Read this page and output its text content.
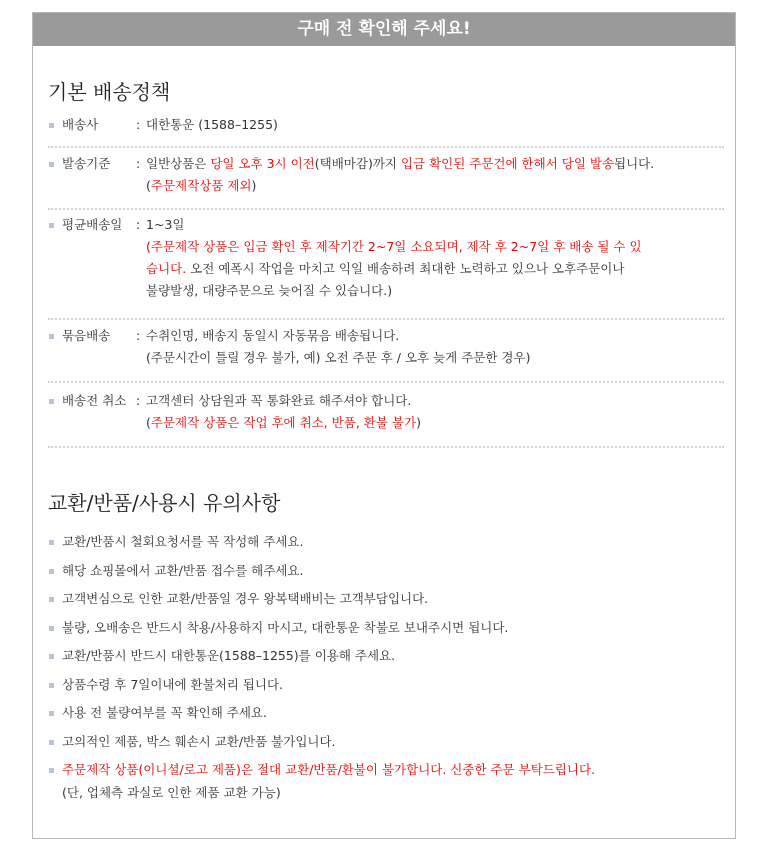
구매 전 확인해 주세요!
기본 배송정책
배송사	: 대한통운 (1588–1255)
발송기준 : 일반상품은 당일 오후 3시 이전(택배마감)까지 입금 확인된 주문건에 한해서 당일 발송됩니다.
(주문제작상품 제외)
평균배송일 : 1~3일
(주문제작 상품은 입금 확인 후 제작기간 2~7일 소요되며, 제작 후 2~7일 후 배송 될 수 있
습니다. 오전 예폭시 작업을 마치고 익일 배송하려 최대한 노력하고 있으나 오후주문이나
불량발생, 대량주문으로 늦어질 수 있습니다.)
묶음배송 : 수취인명, 배송지 동일시 자동묶음 배송됩니다.
(주문시간이 틀릴 경우 불가, 예) 오전 주문 후 / 오후 늦게 주문한 경우)
배송전 취소 : 고객센터 상담원과 꼭 통화완료 해주셔야 합니다.
(주문제작 상품은 작업 후에 취소, 반품, 환불 불가)
교환/반품/사용시 유의사항
교환/반품시 철회요청서를 꼭 작성해 주세요.
해당 쇼핑몰에서 교환/반품 접수를 해주세요.
고객변심으로 인한 교환/반품일 경우 왕복택배비는 고객부담입니다.
불량, 오배송은 반드시 착용/사용하지 마시고, 대한통운 착불로 보내주시면 됩니다.
교환/반품시 반드시 대한통운(1588–1255)를 이용해 주세요.
상품수령 후 7일이내에 환불처리 됩니다.
사용 전 불량여부를 꼭 확인해 주세요.
고의적인 제품, 박스 훼손시 교환/반품 불가입니다.
주문제작 상품(이니셜/로고 제품)은 절대 교환/반품/환불이 불가합니다. 신중한 주문 부탁드립니다.
(단, 업체측 과실로 인한 제품 교환 가능)
